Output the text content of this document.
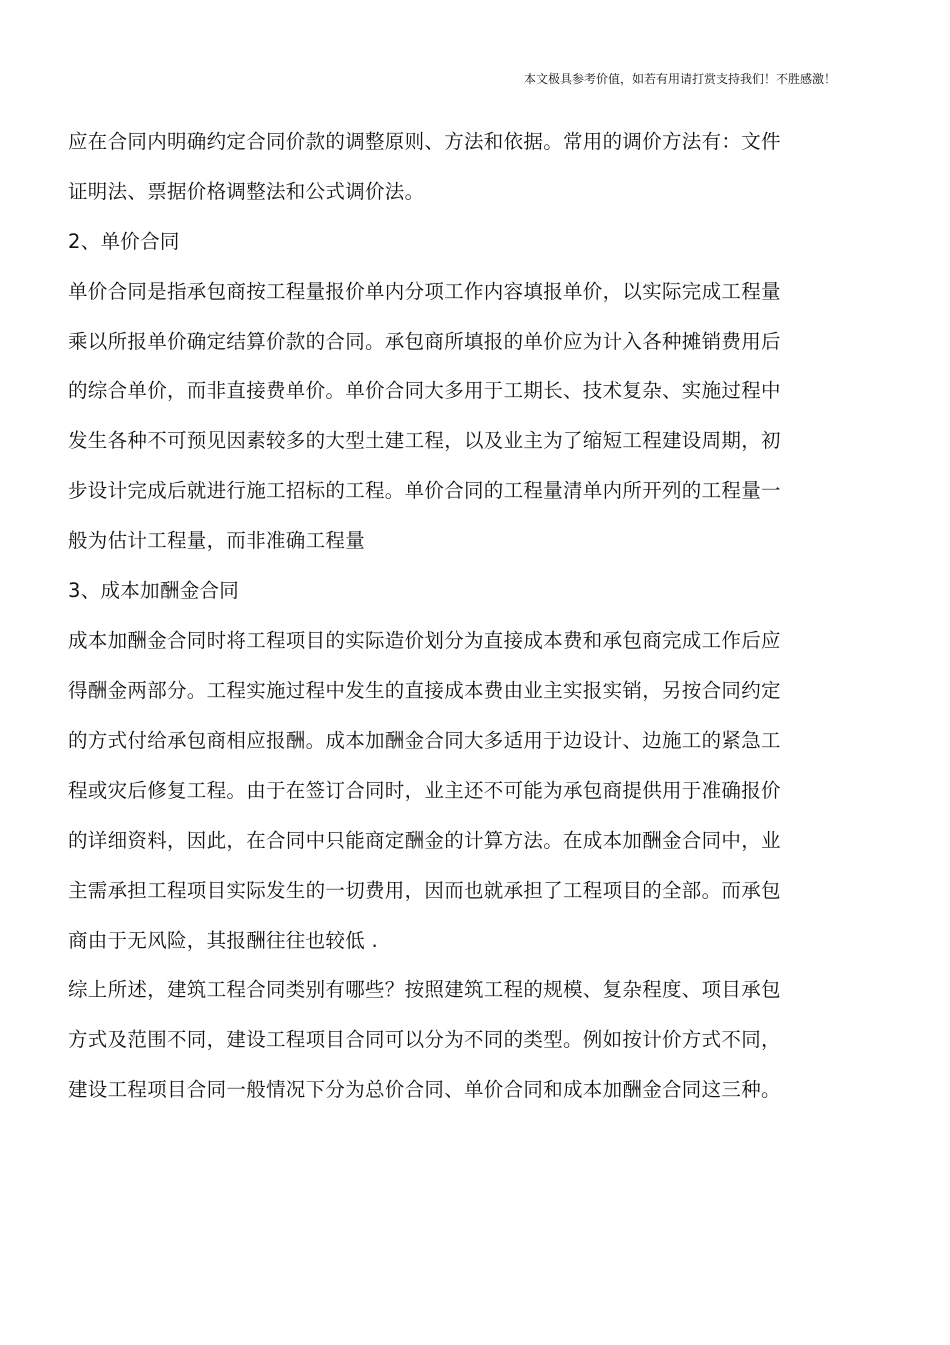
本文极具参考价值，如若有用请打赏支持我们！不胜感激！
应在合同内明确约定合同价款的调整原则、方法和依据。常用的调价方法有：文件
证明法、票据价格调整法和公式调价法。
2、单价合同
单价合同是指承包商按工程量报价单内分项工作内容填报单价，以实际完成工程量
乘以所报单价确定结算价款的合同。承包商所填报的单价应为计入各种摊销费用后
的综合单价，而非直接费单价。单价合同大多用于工期长、技术复杂、实施过程中
发生各种不可预见因素较多的大型土建工程，以及业主为了缩短工程建设周期，初
步设计完成后就进行施工招标的工程。单价合同的工程量清单内所开列的工程量一
般为估计工程量，而非准确工程量
3、成本加酬金合同
成本加酬金合同时将工程项目的实际造价划分为直接成本费和承包商完成工作后应
得酬金两部分。工程实施过程中发生的直接成本费由业主实报实销，另按合同约定
的方式付给承包商相应报酬。成本加酬金合同大多适用于边设计、边施工的紧急工
程或灾后修复工程。由于在签订合同时，业主还不可能为承包商提供用于准确报价
的详细资料，因此，在合同中只能商定酬金的计算方法。在成本加酬金合同中，业
主需承担工程项目实际发生的一切费用，因而也就承担了工程项目的全部。而承包
商由于无风险，其报酬往往也较低 .
综上所述，建筑工程合同类别有哪些？按照建筑工程的规模、复杂程度、项目承包
方式及范围不同，建设工程项目合同可以分为不同的类型。例如按计价方式不同，
建设工程项目合同一般情况下分为总价合同、单价合同和成本加酬金合同这三种。
